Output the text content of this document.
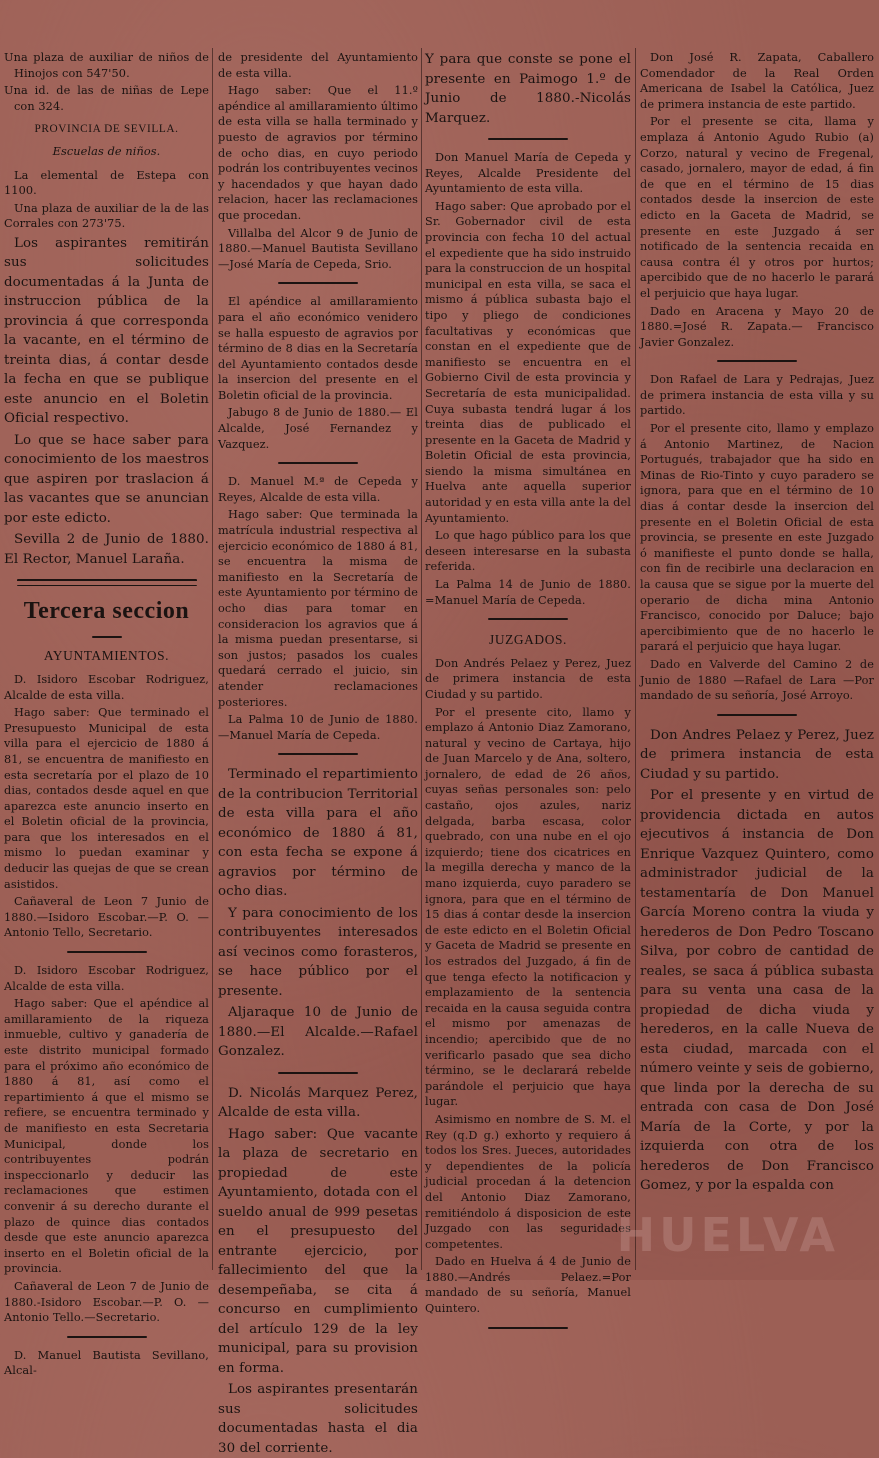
Una plaza de auxiliar de niños de Hinojos con 547'50.

Una id. de las de niñas de Lepe con 324.

PROVINCIA DE SEVILLA.

Escuelas de niños.

La elemental de Estepa con 1100.

Una plaza de auxiliar de la de las Corrales con 273'75.

Los aspirantes remitirán sus solicitudes documentadas á la Junta de instruccion pública de la provincia á que corresponda la vacante, en el término de treinta dias, á contar desde la fecha en que se publique este anuncio en el Boletin Oficial respectivo.

Lo que se hace saber para conocimiento de los maestros que aspiren por traslacion á las vacantes que se anuncian por este edicto.

Sevilla 2 de Junio de 1880. El Rector, Manuel Laraña.

Tercera seccion

AYUNTAMIENTOS.

D. Isidoro Escobar Rodriguez, Alcalde de esta villa.

Hago saber: Que terminado el Presupuesto Municipal de esta villa para el ejercicio de 1880 á 81, se encuentra de manifiesto en esta secretaría por el plazo de 10 dias, contados desde aquel en que aparezca este anuncio inserto en el Boletin oficial de la provincia, para que los interesados en el mismo lo puedan examinar y deducir las quejas de que se crean asistidos.

Cañaveral de Leon 7 Junio de 1880.—Isidoro Escobar.—P. O. —Antonio Tello, Secretario.

D. Isidoro Escobar Rodriguez, Alcalde de esta villa.

Hago saber: Que el apéndice al amillaramiento de la riqueza inmueble, cultivo y ganadería de este distrito municipal formado para el próximo año económico de 1880 á 81, así como el repartimiento á que el mismo se refiere, se encuentra terminado y de manifiesto en esta Secretaria Municipal, donde los contribuyentes podrán inspeccionarlo y deducir las reclamaciones que estimen convenir á su derecho durante el plazo de quince dias contados desde que este anuncio aparezca inserto en el Boletin oficial de la provincia.

Cañaveral de Leon 7 de Junio de 1880.-Isidoro Escobar.—P. O. — Antonio Tello.—Secretario.

D. Manuel Bautista Sevillano, Alcal-

de presidente del Ayuntamiento de esta villa.

Hago saber: Que el 11.º apéndice al amillaramiento último de esta villa se halla terminado y puesto de agravios por término de ocho dias, en cuyo periodo podrán los contribuyentes vecinos y hacendados y que hayan dado relacion, hacer las reclamaciones que procedan.

Villalba del Alcor 9 de Junio de 1880.—Manuel Bautista Sevillano —José María de Cepeda, Srio.

El apéndice al amillaramiento para el año económico venidero se halla espuesto de agravios por término de 8 dias en la Secretaría del Ayuntamiento contados desde la insercion del presente en el Boletin oficial de la provincia.

Jabugo 8 de Junio de 1880.— El Alcalde, José Fernandez y Vazquez.

D. Manuel M.ª de Cepeda y Reyes, Alcalde de esta villa.

Hago saber: Que terminada la matrícula industrial respectiva al ejercicio económico de 1880 á 81, se encuentra la misma de manifiesto en la Secretaría de este Ayuntamiento por término de ocho dias para tomar en consideracion los agravios que á la misma puedan presentarse, si son justos; pasados los cuales quedará cerrado el juicio, sin atender reclamaciones posteriores.

La Palma 10 de Junio de 1880. —Manuel María de Cepeda.

Terminado el repartimiento de la contribucion Territorial de esta villa para el año económico de 1880 á 81, con esta fecha se expone á agravios por término de ocho dias.

Y para conocimiento de los contribuyentes interesados así vecinos como forasteros, se hace público por el presente.

Aljaraque 10 de Junio de 1880.—El Alcalde.—Rafael Gonzalez.

D. Nicolás Marquez Perez, Alcalde de esta villa.

Hago saber: Que vacante la plaza de secretario en propiedad de este Ayuntamiento, dotada con el sueldo anual de 999 pesetas en el presupuesto del entrante ejercicio, por fallecimiento del que la desempeñaba, se cita á concurso en cumplimiento del artículo 129 de la ley municipal, para su provision en forma.

Los aspirantes presentarán sus solicitudes documentadas hasta el dia 30 del corriente.

Y para que conste se pone el presente en Paimogo 1.º de Junio de 1880.-Nicolás Marquez.

Don Manuel María de Cepeda y Reyes, Alcalde Presidente del Ayuntamiento de esta villa.

Hago saber: Que aprobado por el Sr. Gobernador civil de esta provincia con fecha 10 del actual el expediente que ha sido instruido para la construccion de un hospital municipal en esta villa, se saca el mismo á pública subasta bajo el tipo y pliego de condiciones facultativas y económicas que constan en el expediente que de manifiesto se encuentra en el Gobierno Civil de esta provincia y Secretaría de esta municipalidad. Cuya subasta tendrá lugar á los treinta dias de publicado el presente en la Gaceta de Madrid y Boletin Oficial de esta provincia, siendo la misma simultánea en Huelva ante aquella superior autoridad y en esta villa ante la del Ayuntamiento.

Lo que hago público para los que deseen interesarse en la subasta referida.

La Palma 14 de Junio de 1880. =Manuel María de Cepeda.

JUZGADOS.

Don Andrés Pelaez y Perez, Juez de primera instancia de esta Ciudad y su partido.

Por el presente cito, llamo y emplazo á Antonio Diaz Zamorano, natural y vecino de Cartaya, hijo de Juan Marcelo y de Ana, soltero, jornalero, de edad de 26 años, cuyas señas personales son: pelo castaño, ojos azules, nariz delgada, barba escasa, color quebrado, con una nube en el ojo izquierdo; tiene dos cicatrices en la megilla derecha y manco de la mano izquierda, cuyo paradero se ignora, para que en el término de 15 dias á contar desde la insercion de este edicto en el Boletin Oficial y Gaceta de Madrid se presente en los estrados del Juzgado, á fin de que tenga efecto la notificacion y emplazamiento de la sentencia recaida en la causa seguida contra el mismo por amenazas de incendio; apercibido que de no verificarlo pasado que sea dicho término, se le declarará rebelde parándole el perjuicio que haya lugar.

Asimismo en nombre de S. M. el Rey (q.D g.) exhorto y requiero á todos los Sres. Jueces, autoridades y dependientes de la policía judicial procedan á la detencion del Antonio Diaz Zamorano, remitiéndolo á disposicion de este Juzgado con las seguridades competentes.

Dado en Huelva á 4 de Junio de 1880.—Andrés Pelaez.=Por mandado de su señoría, Manuel Quintero.

Don José R. Zapata, Caballero Comendador de la Real Orden Americana de Isabel la Católica, Juez de primera instancia de este partido.

Por el presente se cita, llama y emplaza á Antonio Agudo Rubio (a) Corzo, natural y vecino de Fregenal, casado, jornalero, mayor de edad, á fin de que en el término de 15 dias contados desde la insercion de este edicto en la Gaceta de Madrid, se presente en este Juzgado á ser notificado de la sentencia recaida en causa contra él y otros por hurtos; apercibido que de no hacerlo le parará el perjuicio que haya lugar.

Dado en Aracena y Mayo 20 de 1880.=José R. Zapata.— Francisco Javier Gonzalez.

Don Rafael de Lara y Pedrajas, Juez de primera instancia de esta villa y su partido.

Por el presente cito, llamo y emplazo á Antonio Martinez, de Nacion Portugués, trabajador que ha sido en Minas de Rio-Tinto y cuyo paradero se ignora, para que en el término de 10 dias á contar desde la insercion del presente en el Boletin Oficial de esta provincia, se presente en este Juzgado ó manifieste el punto donde se halla, con fin de recibirle una declaracion en la causa que se sigue por la muerte del operario de dicha mina Antonio Francisco, conocido por Daluce; bajo apercibimiento que de no hacerlo le parará el perjuicio que haya lugar.

Dado en Valverde del Camino 2 de Junio de 1880 —Rafael de Lara —Por mandado de su señoría, José Arroyo.

Don Andres Pelaez y Perez, Juez de primera instancia de esta Ciudad y su partido.

Por el presente y en virtud de providencia dictada en autos ejecutivos á instancia de Don Enrique Vazquez Quintero, como administrador judicial de la testamentaría de Don Manuel García Moreno contra la viuda y herederos de Don Pedro Toscano Silva, por cobro de cantidad de reales, se saca á pública subasta para su venta una casa de la propiedad de dicha viuda y herederos, en la calle Nueva de esta ciudad, marcada con el número veinte y seis de gobierno, que linda por la derecha de su entrada con casa de Don José María de la Corte, y por la izquierda con otra de los herederos de Don Francisco Gomez, y por la espalda con

HUELVA
